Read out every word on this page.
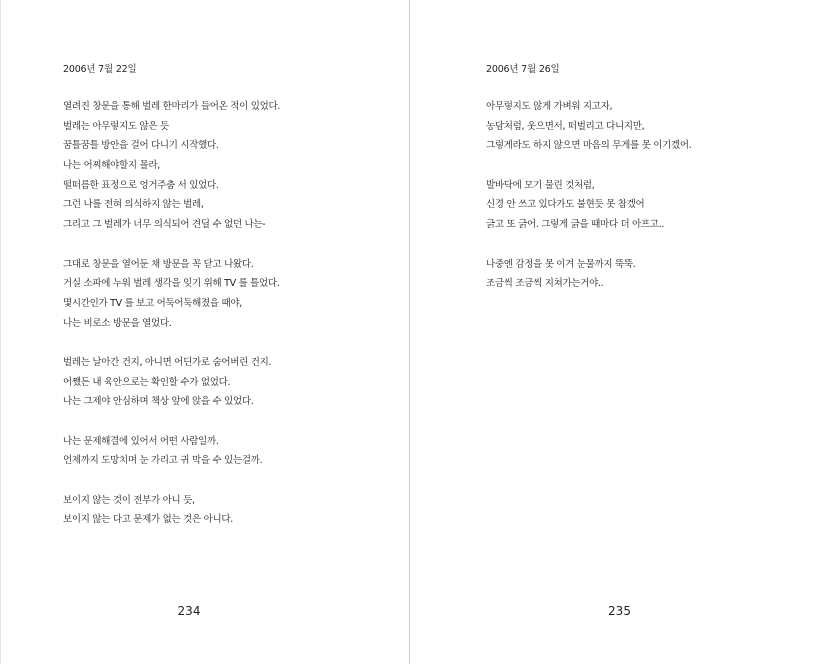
2006년 7월 22일
열려진 창문을 통해 벌레 한마리가 들어온 적이 있었다.
벌레는 아무렇지도 않은 듯
꿈틀꿈틀 방안을 걸어 다니기 시작했다.
나는 어찌해야할지 몰라,
떨떠름한 표정으로 엉거주춤 서 있었다.
그런 나를 전혀 의식하지 않는 벌레,
그리고 그 벌레가 너무 의식되어 견딜 수 없던 나는-
그대로 창문을 열어둔 채 방문을 꼭 닫고 나왔다.
거실 소파에 누워 벌레 생각을 잊기 위해 TV 를 틀었다.
몇시간인가 TV 를 보고 어둑어둑해졌을 때야,
나는 비로소 방문을 열었다.
벌레는 날아간 건지, 아니면 어딘가로 숨어버린 건지.
어쨌든 내 육안으로는 확인할 수가 없었다.
나는 그제야 안심하며 책상 앞에 앉을 수 있었다.
나는 문제해결에 있어서 어떤 사람일까.
언제까지 도망치며 눈 가리고 귀 막을 수 있는걸까.
보이지 않는 것이 전부가 아니 듯,
보이지 않는 다고 문제가 없는 것은 아니다.
234
2006년 7월 26일
아무렇지도 않게 가벼워 지고자,
농담처럼, 웃으면서, 떠벌리고 다니지만,
그렇게라도 하지 않으면 마음의 무게를 못 이기겠어.
발바닥에 모기 물린 것처럼,
신경 안 쓰고 있다가도 불현듯 못 참겠어
긁고 또 긁어. 그렇게 긁을 때마다 더 아프고..
나중엔 감정을 못 이겨 눈물까지 뚝뚝.
조금씩 조금씩 지쳐가는거야..
235
